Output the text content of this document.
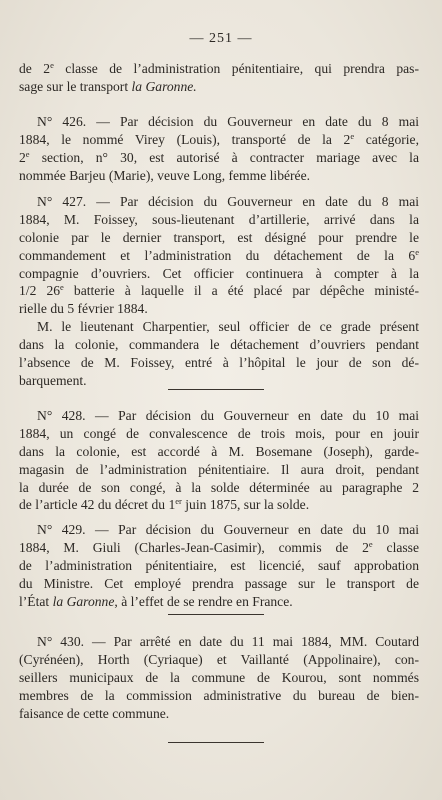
— 251 —
de 2e classe de l’administration pénitentiaire, qui prendra pas-
sage sur le transport la Garonne.
N° 426. — Par décision du Gouverneur en date du 8 mai
1884, le nommé Virey (Louis), transporté de la 2e catégorie,
2e section, n° 30, est autorisé à contracter mariage avec la
nommée Barjeu (Marie), veuve Long, femme libérée.
N° 427. — Par décision du Gouverneur en date du 8 mai
1884, M. Foissey, sous-lieutenant d’artillerie, arrivé dans la
colonie par le dernier transport, est désigné pour prendre le
commandement et l’administration du détachement de la 6e
compagnie d’ouvriers. Cet officier continuera à compter à la
1/2 26e batterie à laquelle il a été placé par dépêche ministé-
rielle du 5 février 1884.
M. le lieutenant Charpentier, seul officier de ce grade présent
dans la colonie, commandera le détachement d’ouvriers pendant
l’absence de M. Foissey, entré à l’hôpital le jour de son dé-
barquement.
N° 428. — Par décision du Gouverneur en date du 10 mai
1884, un congé de convalescence de trois mois, pour en jouir
dans la colonie, est accordé à M. Bosemane (Joseph), garde-
magasin de l’administration pénitentiaire. Il aura droit, pendant
la durée de son congé, à la solde déterminée au paragraphe 2
de l’article 42 du décret du 1er juin 1875, sur la solde.
N° 429. — Par décision du Gouverneur en date du 10 mai
1884, M. Giuli (Charles-Jean-Casimir), commis de 2e classe
de l’administration pénitentiaire, est licencié, sauf approbation
du Ministre. Cet employé prendra passage sur le transport de
l’État la Garonne, à l’effet de se rendre en France.
N° 430. — Par arrêté en date du 11 mai 1884, MM. Coutard
(Cyrénéen), Horth (Cyriaque) et Vaillanté (Appolinaire), con-
seillers municipaux de la commune de Kourou, sont nommés
membres de la commission administrative du bureau de bien-
faisance de cette commune.
